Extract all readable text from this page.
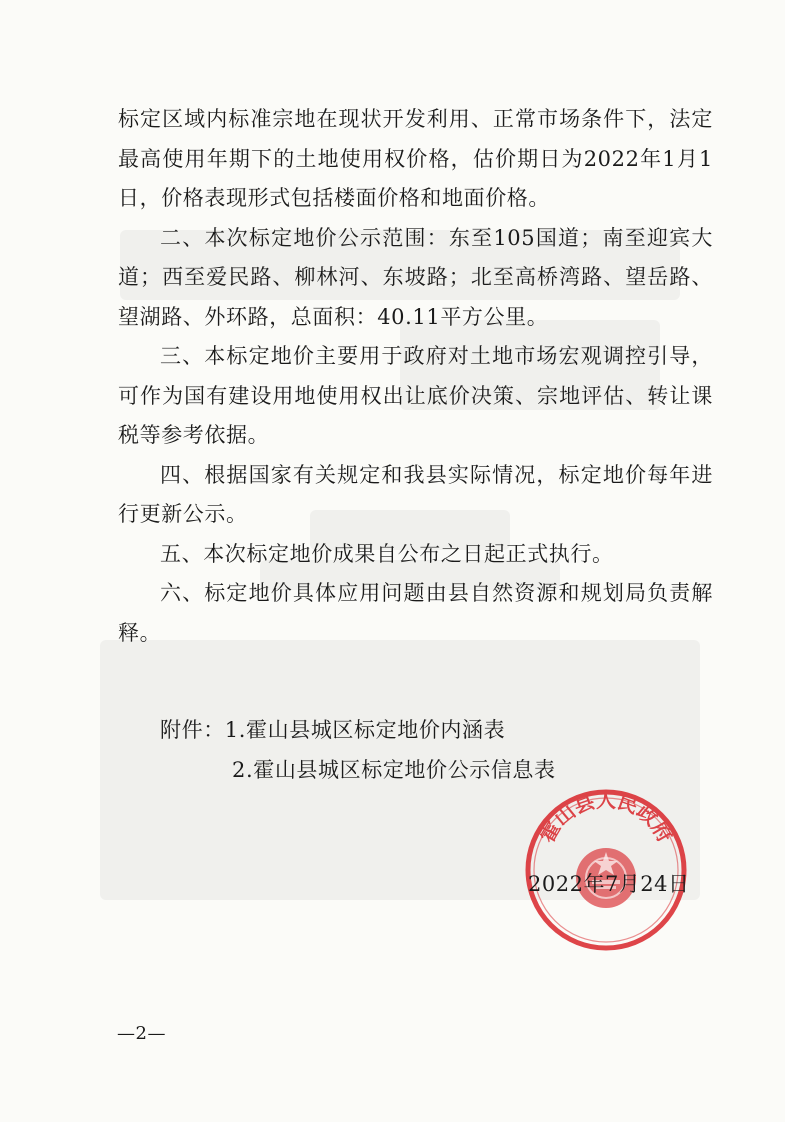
标定区域内标准宗地在现状开发利用、正常市场条件下，法定最高使用年期下的土地使用权价格，估价期日为2022年1月1日，价格表现形式包括楼面价格和地面价格。

二、本次标定地价公示范围：东至105国道；南至迎宾大道；西至爱民路、柳林河、东坡路；北至高桥湾路、望岳路、望湖路、外环路，总面积：40.11平方公里。

三、本标定地价主要用于政府对土地市场宏观调控引导，可作为国有建设用地使用权出让底价决策、宗地评估、转让课税等参考依据。

四、根据国家有关规定和我县实际情况，标定地价每年进行更新公示。

五、本次标定地价成果自公布之日起正式执行。

六、标定地价具体应用问题由县自然资源和规划局负责解释。

附件：1.霍山县城区标定地价内涵表
2.霍山县城区标定地价公示信息表
霍山县人民政府
2022年7月24日
—2—
